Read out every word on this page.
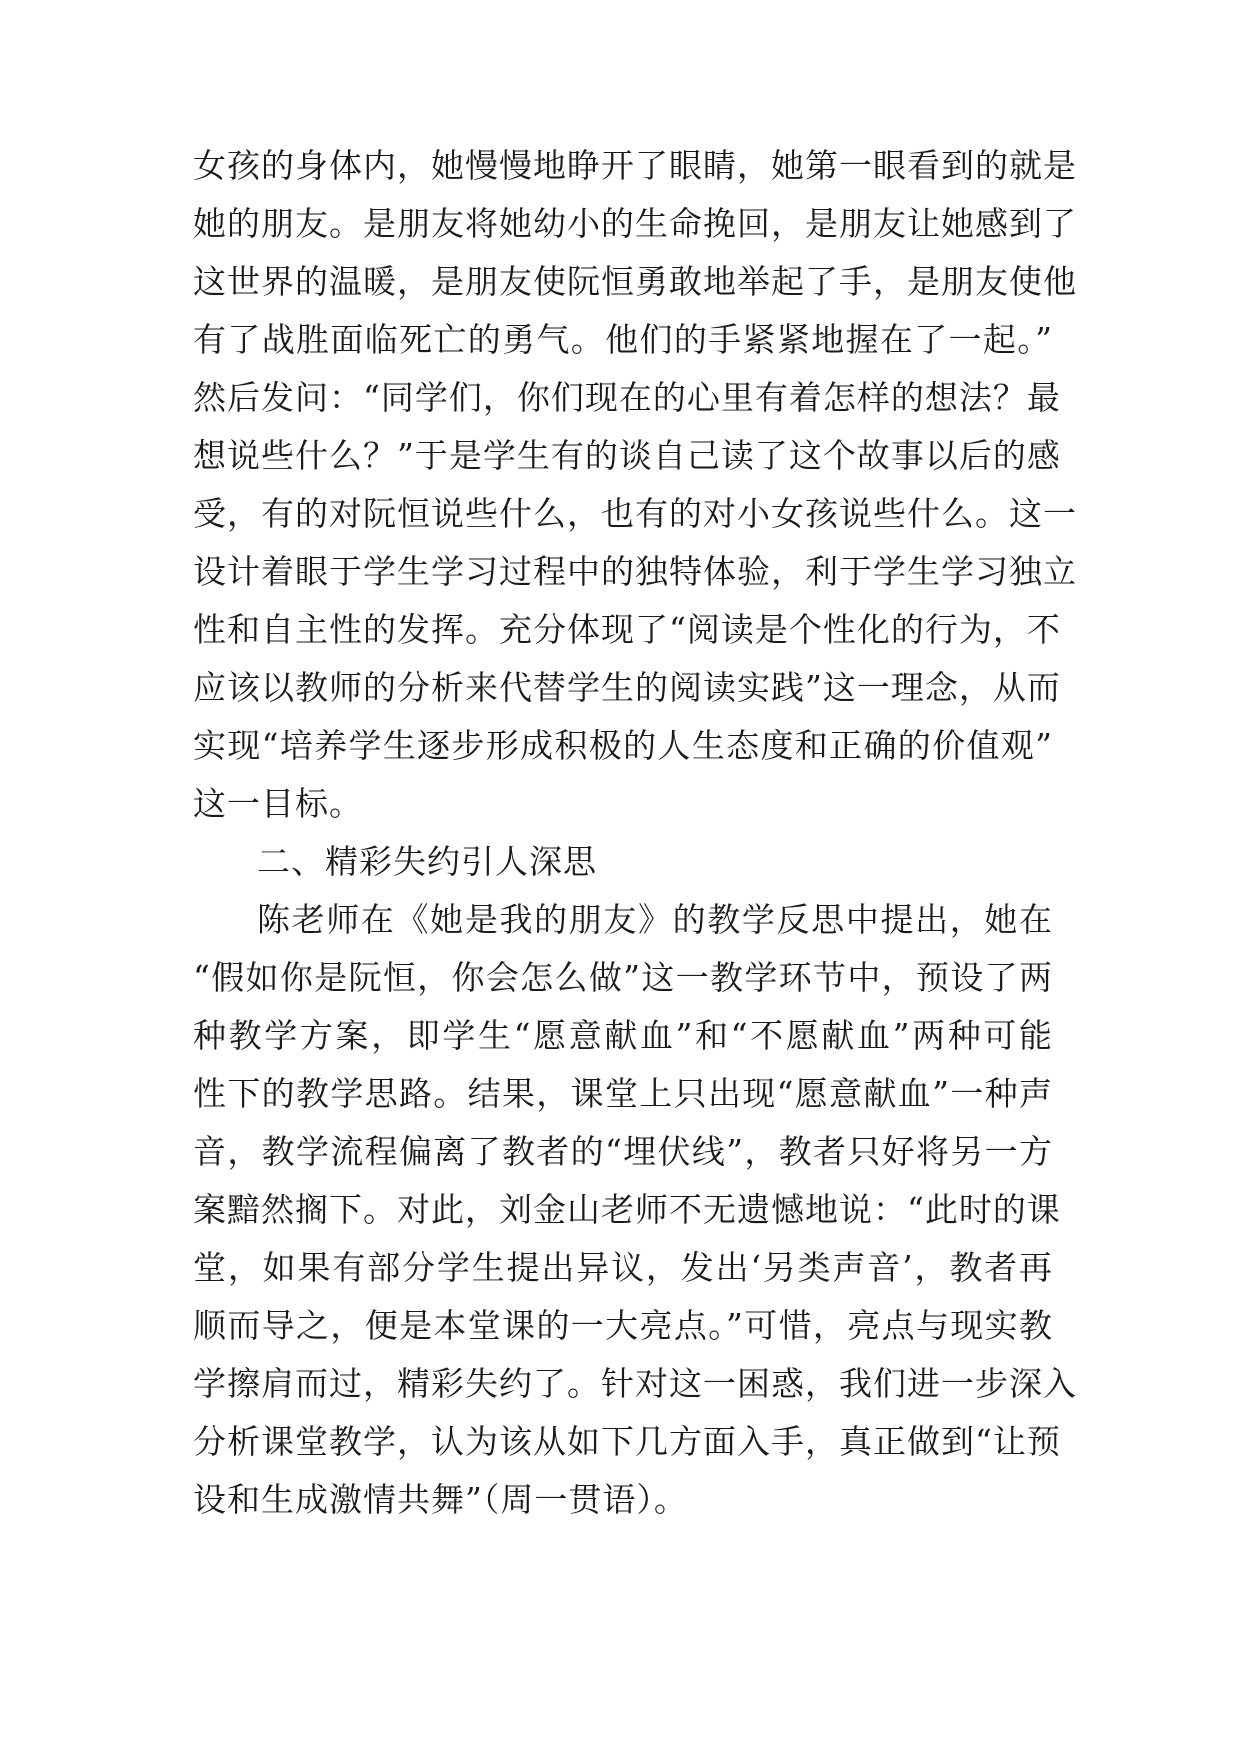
女孩的身体内，她慢慢地睁开了眼睛，她第一眼看到的就是
她的朋友。是朋友将她幼小的生命挽回，是朋友让她感到了
这世界的温暖，是朋友使阮恒勇敢地举起了手，是朋友使他
有了战胜面临死亡的勇气。他们的手紧紧地握在了一起。”
然后发问：“同学们，你们现在的心里有着怎样的想法？最
想说些什么？”于是学生有的谈自己读了这个故事以后的感
受，有的对阮恒说些什么，也有的对小女孩说些什么。这一
设计着眼于学生学习过程中的独特体验，利于学生学习独立
性和自主性的发挥。充分体现了“阅读是个性化的行为，不
应该以教师的分析来代替学生的阅读实践”这一理念，从而
实现“培养学生逐步形成积极的人生态度和正确的价值观”
这一目标。
二、精彩失约引人深思
陈老师在《她是我的朋友》的教学反思中提出，她在
“假如你是阮恒，你会怎么做”这一教学环节中，预设了两
种教学方案，即学生“愿意献血”和“不愿献血”两种可能
性下的教学思路。结果，课堂上只出现“愿意献血”一种声
音，教学流程偏离了教者的“埋伏线”，教者只好将另一方
案黯然搁下。对此，刘金山老师不无遗憾地说：“此时的课
堂，如果有部分学生提出异议，发出‘另类声音’，教者再
顺而导之，便是本堂课的一大亮点。”可惜，亮点与现实教
学擦肩而过，精彩失约了。针对这一困惑，我们进一步深入
分析课堂教学，认为该从如下几方面入手，真正做到“让预
设和生成激情共舞”（周一贯语）。
